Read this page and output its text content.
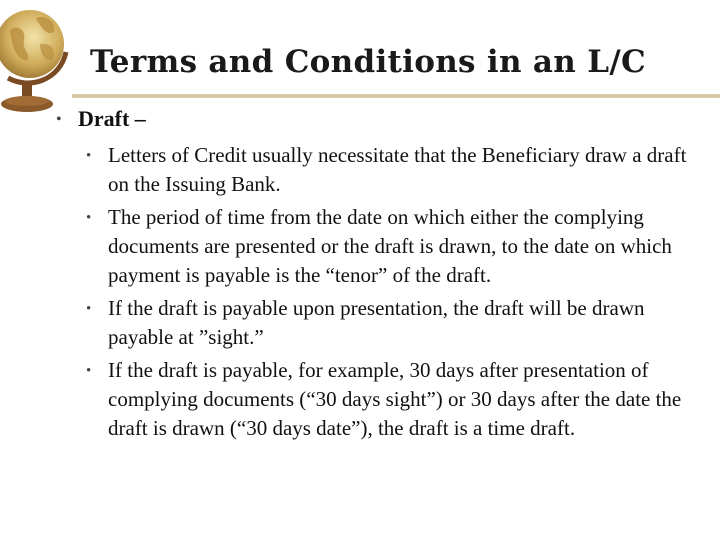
Terms and Conditions in an L/C
• Draft –
• Letters of Credit usually necessitate that the Beneficiary draw a draft on the Issuing Bank.
• The period of time from the date on which either the complying documents are presented or the draft is drawn, to the date on which payment is payable is the “tenor” of the draft.
• If the draft is payable upon presentation, the draft will be drawn payable at ”sight.”
• If the draft is payable, for example, 30 days after presentation of complying documents (“30 days sight”) or 30 days after the date the draft is drawn (“30 days date”), the draft is a time draft.
